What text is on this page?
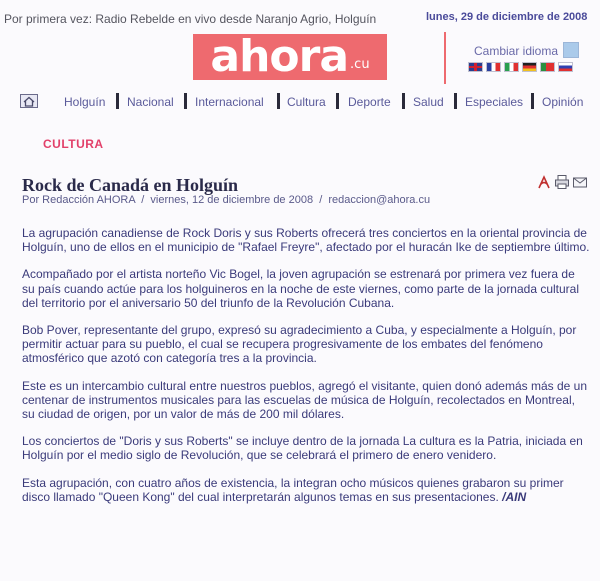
Por primera vez: Radio Rebelde en vivo desde Naranjo Agrio, Holguín	lunes, 29 de diciembre de 2008
ahora .cu
Cambiar idioma
Holguín Nacional Internacional Cultura Deporte Salud Especiales Opinión
CULTURA
Rock de Canadá en Holguín
Por Redacción AHORA  /  viernes, 12 de diciembre de 2008  /  redaccion@ahora.cu

La agrupación canadiense de Rock Doris y sus Roberts ofrecerá tres conciertos en la oriental provincia de Holguín, uno de ellos en el municipio de "Rafael Freyre", afectado por el huracán Ike de septiembre último.

Acompañado por el artista norteño Vic Bogel, la joven agrupación se estrenará por primera vez fuera de su país cuando actúe para los holguineros en la noche de este viernes, como parte de la jornada cultural del territorio por el aniversario 50 del triunfo de la Revolución Cubana.

Bob Pover, representante del grupo, expresó su agradecimiento a Cuba, y especialmente a Holguín, por permitir actuar para su pueblo, el cual se recupera progresivamente de los embates del fenómeno atmosférico que azotó con categoría tres a la provincia.

Este es un intercambio cultural entre nuestros pueblos, agregó el visitante, quien donó además más de un centenar de instrumentos musicales para las escuelas de música de Holguín, recolectados en Montreal, su ciudad de origen, por un valor de más de 200 mil dólares.

Los conciertos de "Doris y sus Roberts" se incluye dentro de la jornada La cultura es la Patria, iniciada en Holguín por el medio siglo de Revolución, que se celebrará el primero de enero venidero.

Esta agrupación, con cuatro años de existencia, la integran ocho músicos quienes grabaron su primer disco llamado "Queen Kong" del cual interpretarán algunos temas en sus presentaciones. /AIN
